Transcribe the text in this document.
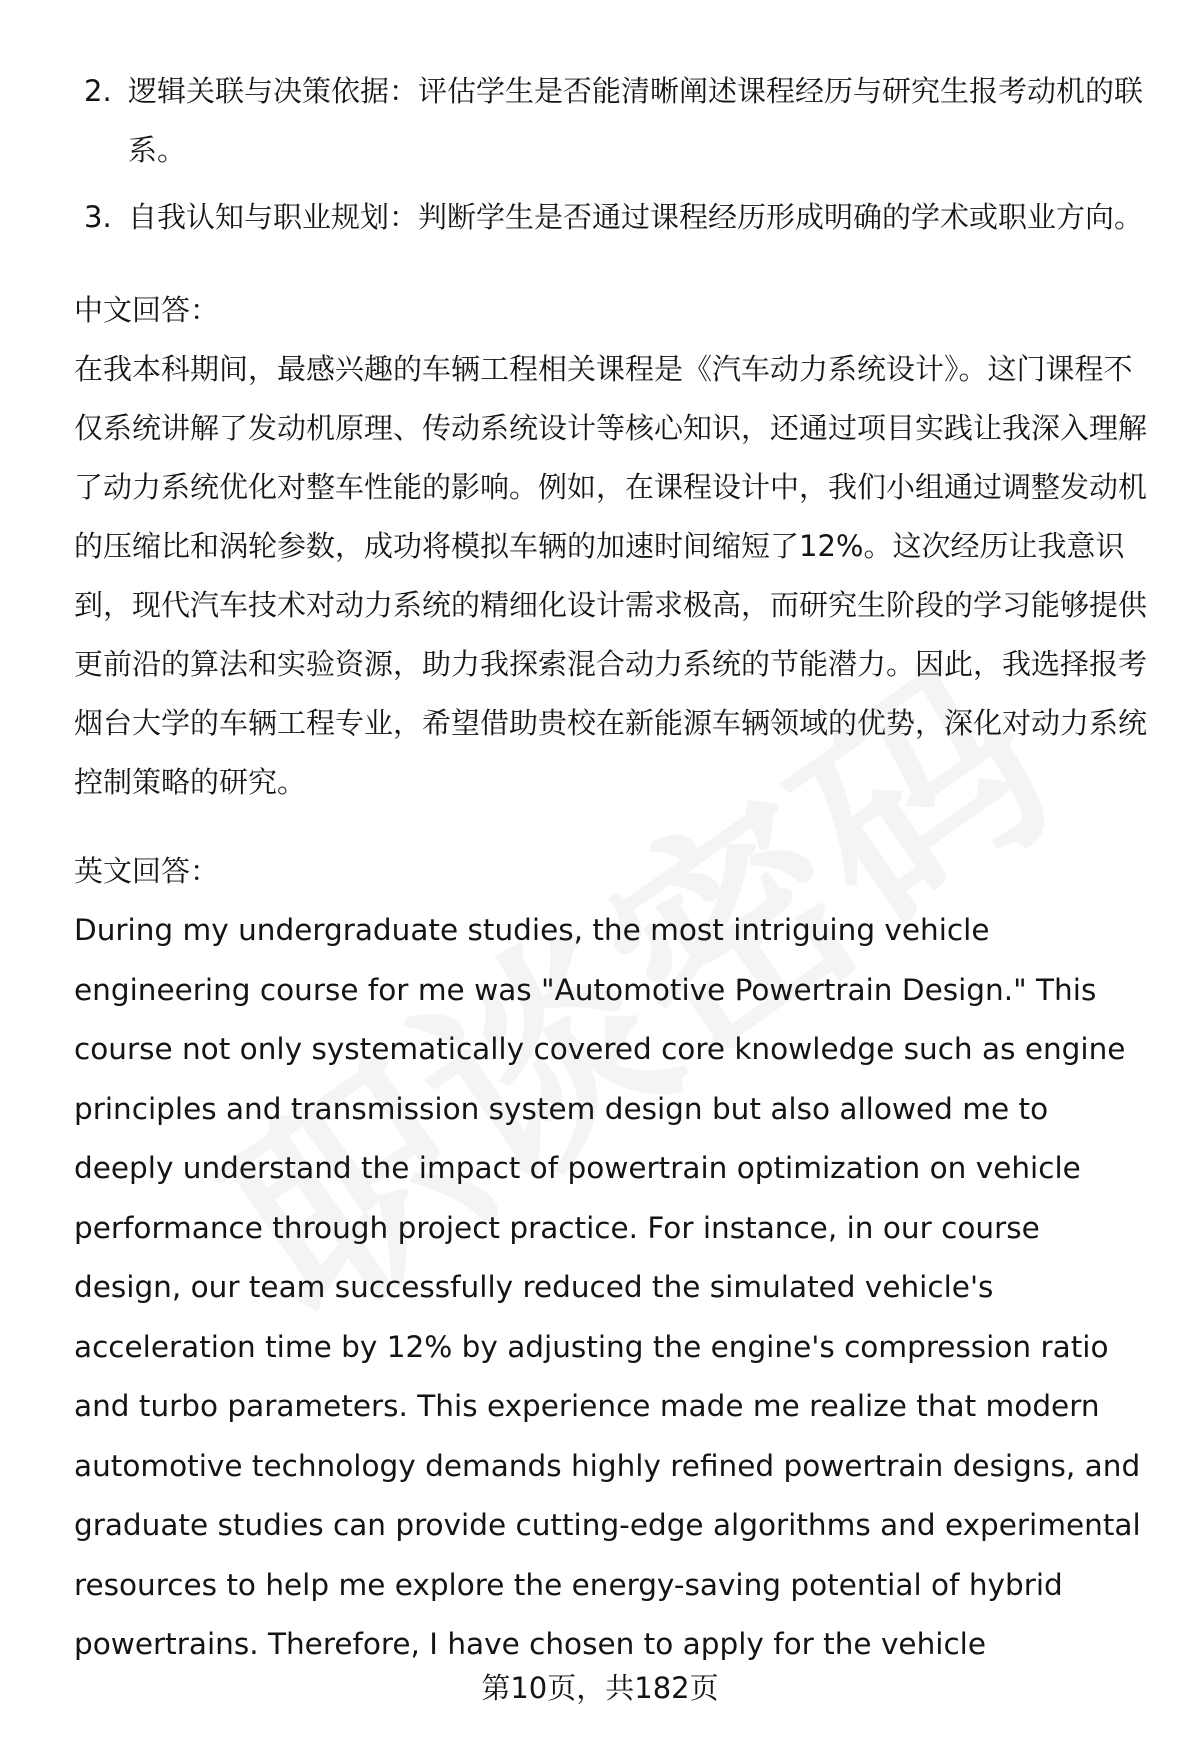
2. 逻辑关联与决策依据：评估学生是否能清晰阐述课程经历与研究生报考动机的联系。
3. 自我认知与职业规划：判断学生是否通过课程经历形成明确的学术或职业方向。

中文回答：

在我本科期间，最感兴趣的车辆工程相关课程是《汽车动力系统设计》。这门课程不仅系统讲解了发动机原理、传动系统设计等核心知识，还通过项目实践让我深入理解了动力系统优化对整车性能的影响。例如，在课程设计中，我们小组通过调整发动机的压缩比和涡轮参数，成功将模拟车辆的加速时间缩短了12%。这次经历让我意识到，现代汽车技术对动力系统的精细化设计需求极高，而研究生阶段的学习能够提供更前沿的算法和实验资源，助力我探索混合动力系统的节能潜力。因此，我选择报考烟台大学的车辆工程专业，希望借助贵校在新能源车辆领域的优势，深化对动力系统控制策略的研究。

英文回答：

During my undergraduate studies, the most intriguing vehicle engineering course for me was "Automotive Powertrain Design." This course not only systematically covered core knowledge such as engine principles and transmission system design but also allowed me to deeply understand the impact of powertrain optimization on vehicle performance through project practice. For instance, in our course design, our team successfully reduced the simulated vehicle's acceleration time by 12% by adjusting the engine's compression ratio and turbo parameters. This experience made me realize that modern automotive technology demands highly refined powertrain designs, and graduate studies can provide cutting-edge algorithms and experimental resources to help me explore the energy-saving potential of hybrid powertrains. Therefore, I have chosen to apply for the vehicle

第10页，共182页
